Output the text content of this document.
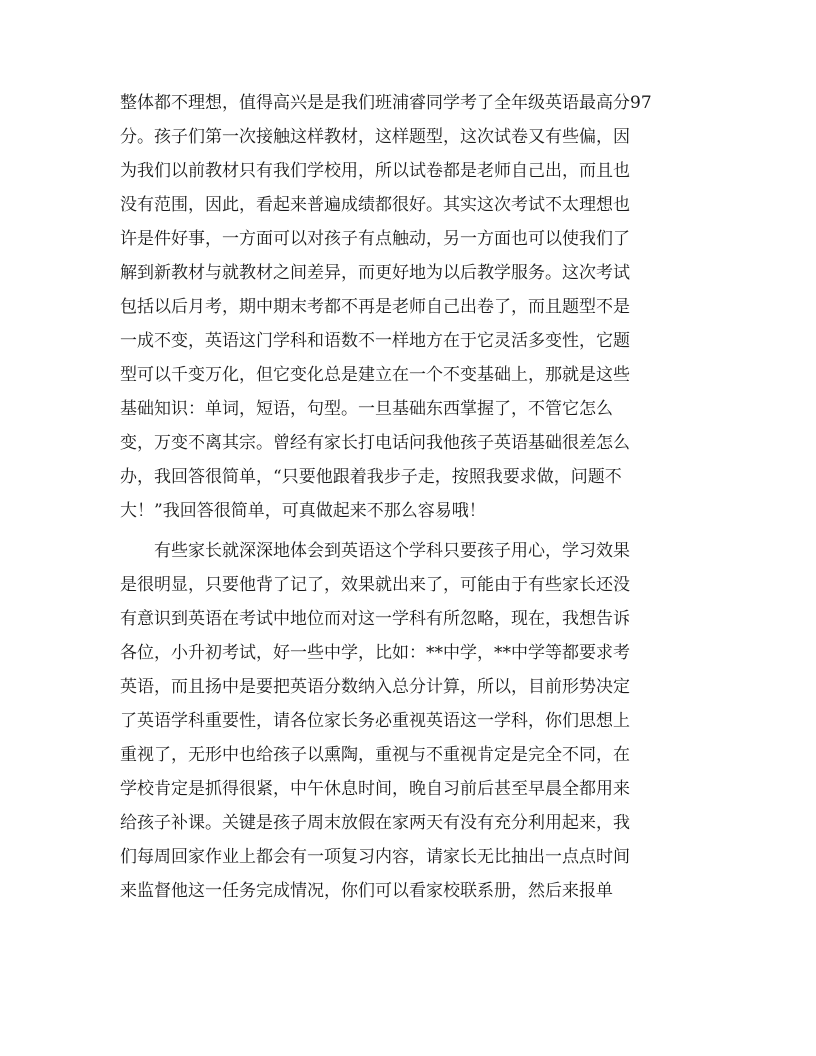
整体都不理想，值得高兴是是我们班浦睿同学考了全年级英语最高分97
分。孩子们第一次接触这样教材，这样题型，这次试卷又有些偏，因
为我们以前教材只有我们学校用，所以试卷都是老师自己出，而且也
没有范围，因此，看起来普遍成绩都很好。其实这次考试不太理想也
许是件好事，一方面可以对孩子有点触动，另一方面也可以使我们了
解到新教材与就教材之间差异，而更好地为以后教学服务。这次考试
包括以后月考，期中期末考都不再是老师自己出卷了，而且题型不是
一成不变，英语这门学科和语数不一样地方在于它灵活多变性，它题
型可以千变万化，但它变化总是建立在一个不变基础上，那就是这些
基础知识：单词，短语，句型。一旦基础东西掌握了，不管它怎么
变，万变不离其宗。曾经有家长打电话问我他孩子英语基础很差怎么
办，我回答很简单，“只要他跟着我步子走，按照我要求做，问题不
大！”我回答很简单，可真做起来不那么容易哦！
　　有些家长就深深地体会到英语这个学科只要孩子用心，学习效果
是很明显，只要他背了记了，效果就出来了，可能由于有些家长还没
有意识到英语在考试中地位而对这一学科有所忽略，现在，我想告诉
各位，小升初考试，好一些中学，比如：**中学，**中学等都要求考
英语，而且扬中是要把英语分数纳入总分计算，所以，目前形势决定
了英语学科重要性，请各位家长务必重视英语这一学科，你们思想上
重视了，无形中也给孩子以熏陶，重视与不重视肯定是完全不同，在
学校肯定是抓得很紧，中午休息时间，晚自习前后甚至早晨全都用来
给孩子补课。关键是孩子周末放假在家两天有没有充分利用起来，我
们每周回家作业上都会有一项复习内容，请家长无比抽出一点点时间
来监督他这一任务完成情况，你们可以看家校联系册，然后来报单
